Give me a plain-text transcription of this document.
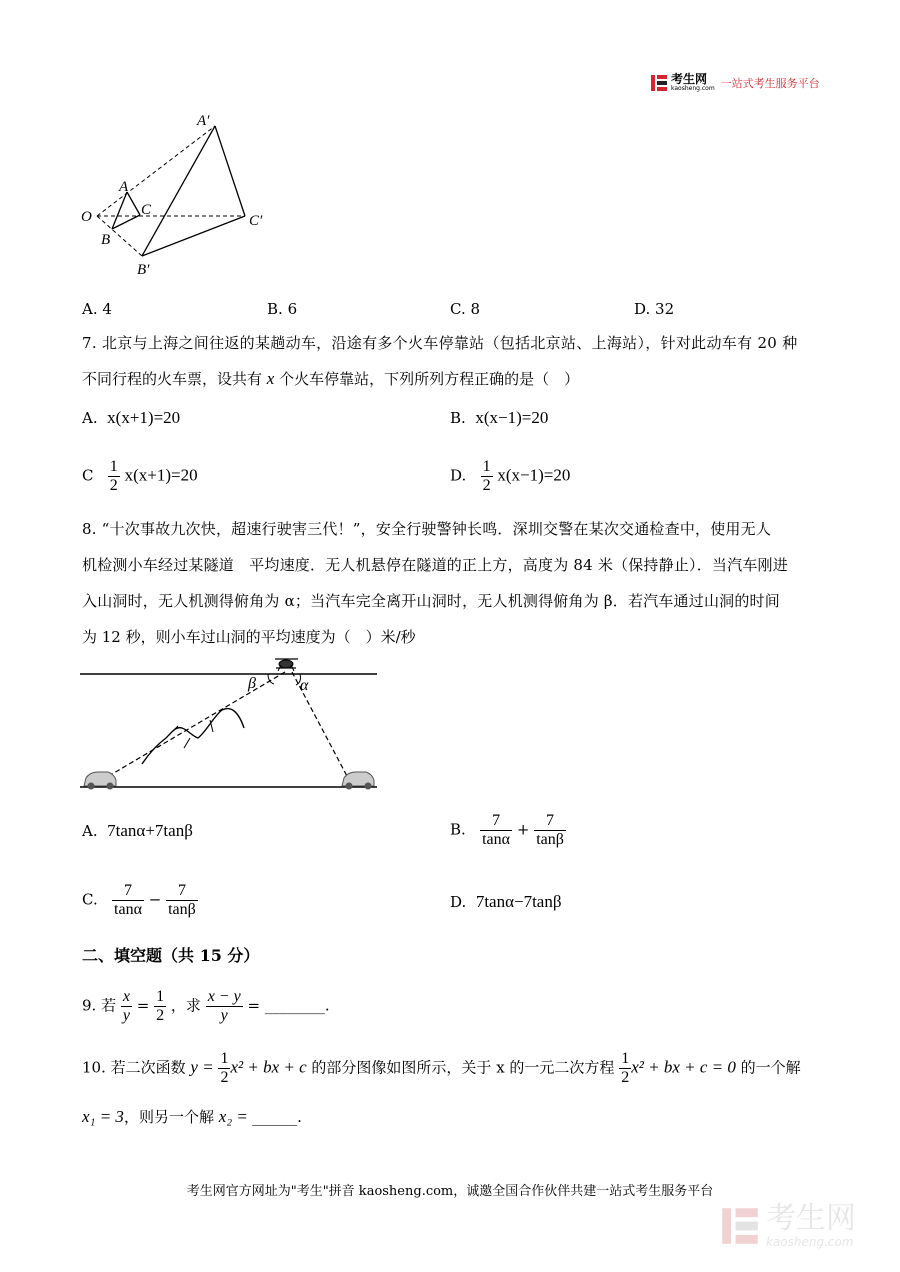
考生网
kaosheng.com 一站式考生服务平台
A′
A
O	C
C′
B
B′
A. 4	B. 6	C. 8	D. 32
7. 北京与上海之间往返的某趟动车，沿途有多个火车停靠站（包括北京站、上海站），针对此动车有 20 种
不同行程的火车票，设共有 x 个火车停靠站，下列所列方程正确的是（　）
A. x(x+1)=20	B. x(x−1)=20
C $\frac{1}{2} x(x+1)=20$	D. $\frac{1}{2} x(x-1)=20$
8. “十次事故九次快，超速行驶害三代！”，安全行驶警钟长鸣．深圳交警在某次交通检查中，使用无人
机检测小车经过某隧道　平均速度．无人机悬停在隧道的正上方，高度为 84 米（保持静止）．当汽车刚进
入山洞时，无人机测得俯角为 α；当汽车完全离开山洞时，无人机测得俯角为 β．若汽车通过山洞的时间
为 12 秒，则小车过山洞的平均速度为（　）米/秒
β	α
A. 7tanα+7tanβ	B. $\frac{7}{\tan\alpha} + \frac{7}{\tan\beta}$
C. $\frac{7}{\tan\alpha} - \frac{7}{\tan\beta}$	D. 7tanα−7tanβ
二、填空题（共 15 分）
9. 若 $\frac{x}{y} = \frac{1}{2}$ ，求 $\frac{x - y}{y}$ = ________.
10. 若二次函数 $y = \frac{1}{2} x^2$ + bx + c 的部分图像如图所示，关于 x 的一元二次方程 $\frac{1}{2} x^2$ + bx + c = 0 的一个解
x₁ = 3，则另一个解 x₂ = ______.
考生网官方网址为"考生"拼音 kaosheng.com，诚邀全国合作伙伴共建一站式考生服务平台
考生网
kaosheng.com
